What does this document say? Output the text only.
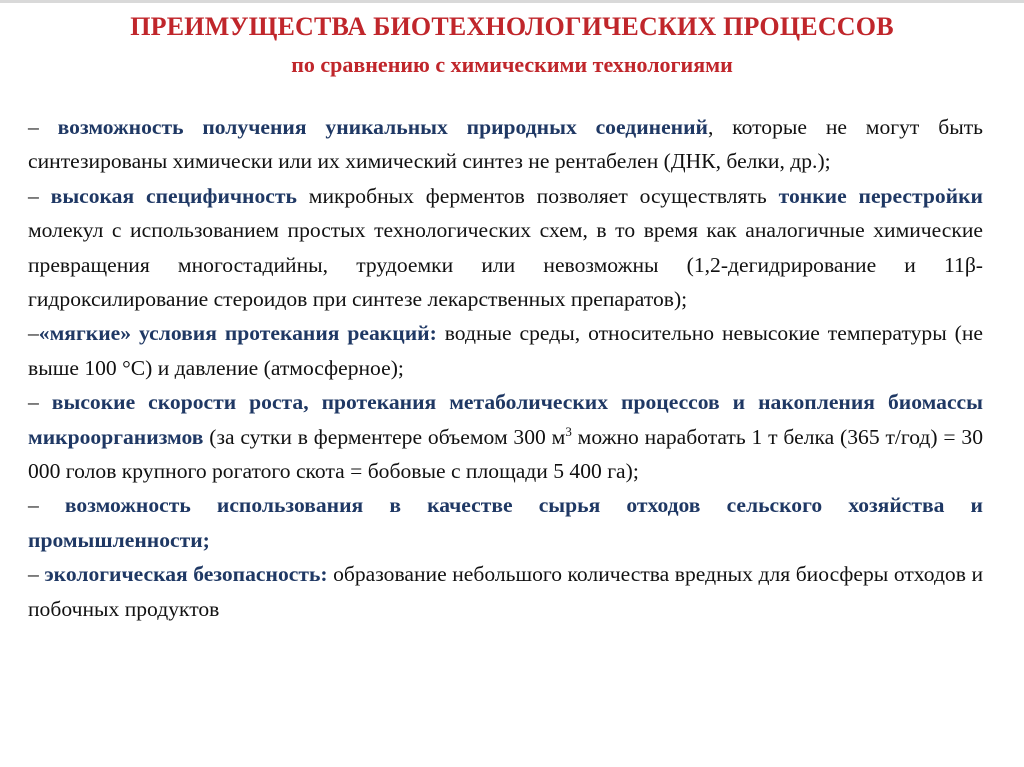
ПРЕИМУЩЕСТВА БИОТЕХНОЛОГИЧЕСКИХ ПРОЦЕССОВ
по сравнению с химическими технологиями

– возможность получения уникальных природных соединений, которые не могут быть синтезированы химически или их химический синтез не рентабелен (ДНК, белки, др.);

– высокая специфичность микробных ферментов позволяет осуществлять тонкие перестройки молекул с использованием простых технологических схем, в то время как аналогичные химические превращения многостадийны, трудоемки или невозможны (1,2-дегидрирование и 11β-гидроксилирование стероидов при синтезе лекарственных препаратов);

–«мягкие» условия протекания реакций: водные среды, относительно невысокие температуры (не выше 100 °С) и давление (атмосферное);

– высокие скорости роста, протекания метаболических процессов и накопления биомассы микроорганизмов (за сутки в ферментере объемом 300 $м^3$ можно наработать 1 т белка (365 т/год) = 30 000 голов крупного рогатого скота = бобовые с площади 5 400 га);

– возможность использования в качестве сырья отходов сельского хозяйства и промышленности;

– экологическая безопасность: образование небольшого количества вредных для биосферы отходов и побочных продуктов
